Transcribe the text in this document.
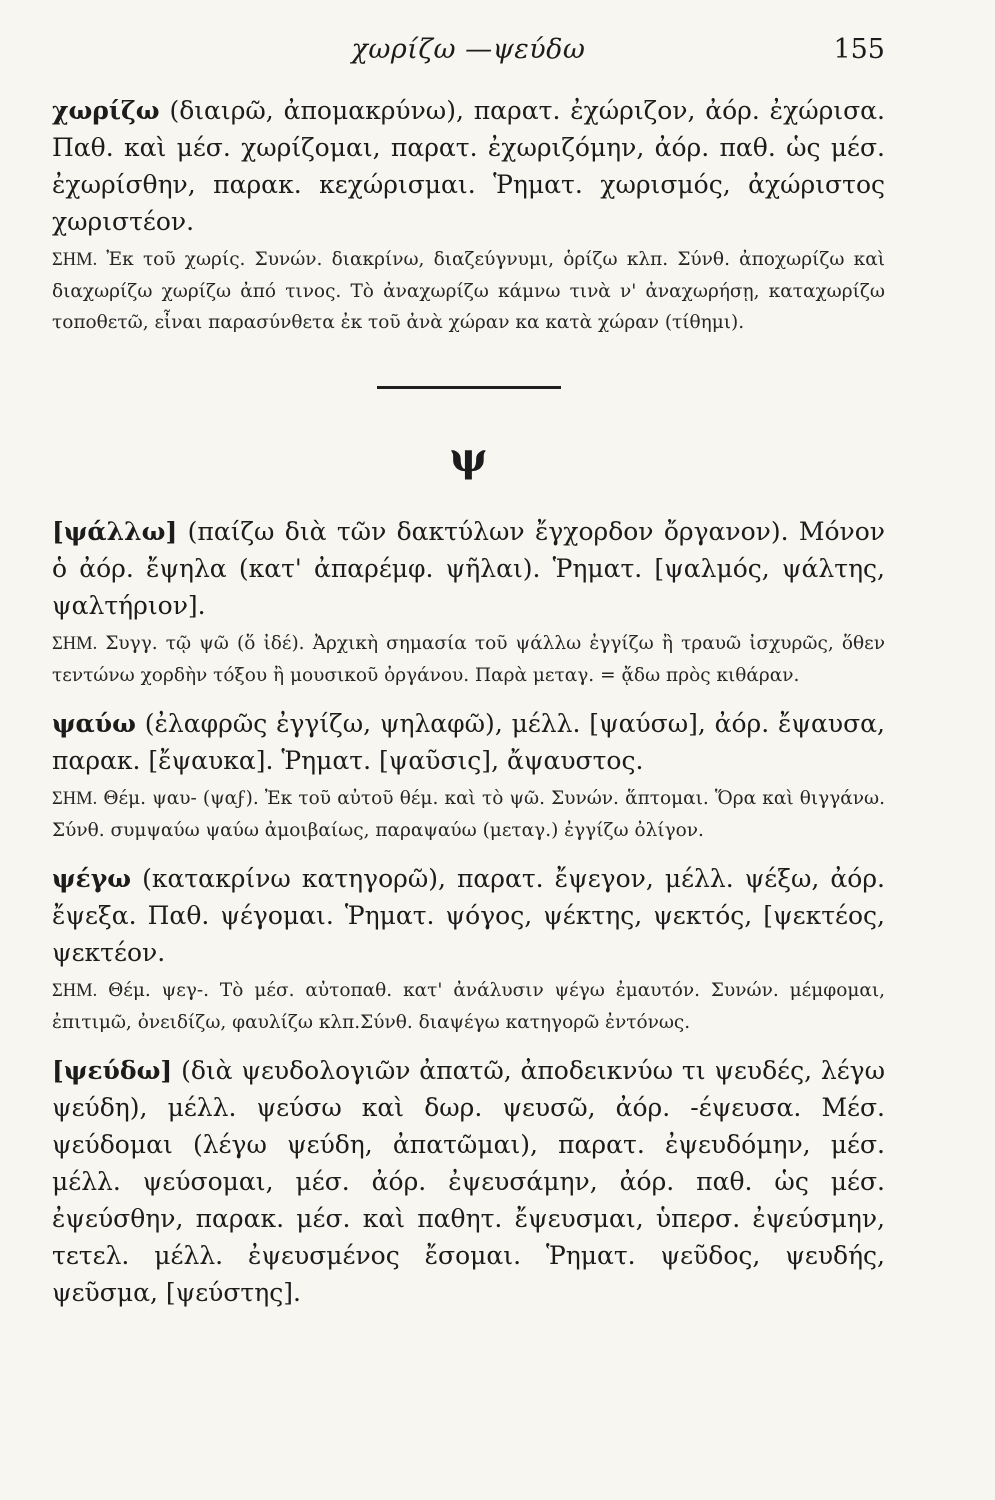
χωρίζω —ψεύδω	155

χωρίζω (διαιρῶ, ἀπομακρύνω), παρατ. ἐχώριζον, ἀόρ. ἐχώρισα. Παθ. καὶ μέσ. χωρίζομαι, παρατ. ἐχωριζόμην, ἀόρ. παθ. ὡς μέσ. ἐχωρίσθην, παρακ. κεχώρισμαι. Ῥηματ. χωρισμός, ἀχώριστος χωριστέον.

ΣΗΜ. Ἐκ τοῦ χωρίς. Συνών. διακρίνω, διαζεύγνυμι, ὁρίζω κλπ. Σύνθ. ἀποχωρίζω καὶ διαχωρίζω χωρίζω ἀπό τινος. Τὸ ἀναχωρίζω κάμνω τινὰ ν' ἀναχωρήσῃ, καταχωρίζω τοποθετῶ, εἶναι παρασύνθετα ἐκ τοῦ ἀνὰ χώραν κα κατὰ χώραν (τίθημι).

ψ

[ψάλλω] (παίζω διὰ τῶν δακτύλων ἔγχορδον ὄργανον). Μόνον ὁ ἀόρ. ἔψηλα (κατ' ἀπαρέμφ. ψῆλαι). Ῥηματ. [ψαλμός, ψάλτης, ψαλτήριον].

ΣΗΜ. Συγγ. τῷ ψῶ (ὅ ἰδέ). Ἀρχικὴ σημασία τοῦ ψάλλω ἐγγίζω ἢ τραυῶ ἰσχυρῶς, ὅθεν τεντώνω χορδὴν τόξου ἢ μουσικοῦ ὀργάνου. Παρὰ μεταγ. = ᾄδω πρὸς κιθάραν.

ψαύω (ἐλαφρῶς ἐγγίζω, ψηλαφῶ), μέλλ. [ψαύσω], ἀόρ. ἔψαυσα, παρακ. [ἔψαυκα]. Ῥηματ. [ψαῦσις], ἄψαυστος.

ΣΗΜ. Θέμ. ψαυ- (ψαϝ). Ἐκ τοῦ αὐτοῦ θέμ. καὶ τὸ ψῶ. Συνών. ἅπτομαι. Ὅρα καὶ θιγγάνω. Σύνθ. συμψαύω ψαύω ἀμοιβαίως, παραψαύω (μεταγ.) ἐγγίζω ὀλίγον.

ψέγω (κατακρίνω κατηγορῶ), παρατ. ἔψεγον, μέλλ. ψέξω, ἀόρ. ἔψεξα. Παθ. ψέγομαι. Ῥηματ. ψόγος, ψέκτης, ψεκτός, [ψεκτέος, ψεκτέον.

ΣΗΜ. Θέμ. ψεγ-. Τὸ μέσ. αὐτοπαθ. κατ' ἀνάλυσιν ψέγω ἐμαυτόν. Συνών. μέμφομαι, ἐπιτιμῶ, ὀνειδίζω, φαυλίζω κλπ.Σύνθ. διαψέγω κατηγορῶ ἐντόνως.

[ψεύδω] (διὰ ψευδολογιῶν ἀπατῶ, ἀποδεικνύω τι ψευδές, λέγω ψεύδη), μέλλ. ψεύσω καὶ δωρ. ψευσῶ, ἀόρ. -έψευσα. Μέσ. ψεύδομαι (λέγω ψεύδη, ἀπατῶμαι), παρατ. ἐψευδόμην, μέσ. μέλλ. ψεύσομαι, μέσ. ἀόρ. ἐψευσάμην, ἀόρ. παθ. ὡς μέσ. ἐψεύσθην, παρακ. μέσ. καὶ παθητ. ἔψευσμαι, ὑπερσ. ἐψεύσμην, τετελ. μέλλ. ἐψευσμένος ἔσομαι. Ῥηματ. ψεῦδος, ψευδής, ψεῦσμα, [ψεύστης].
